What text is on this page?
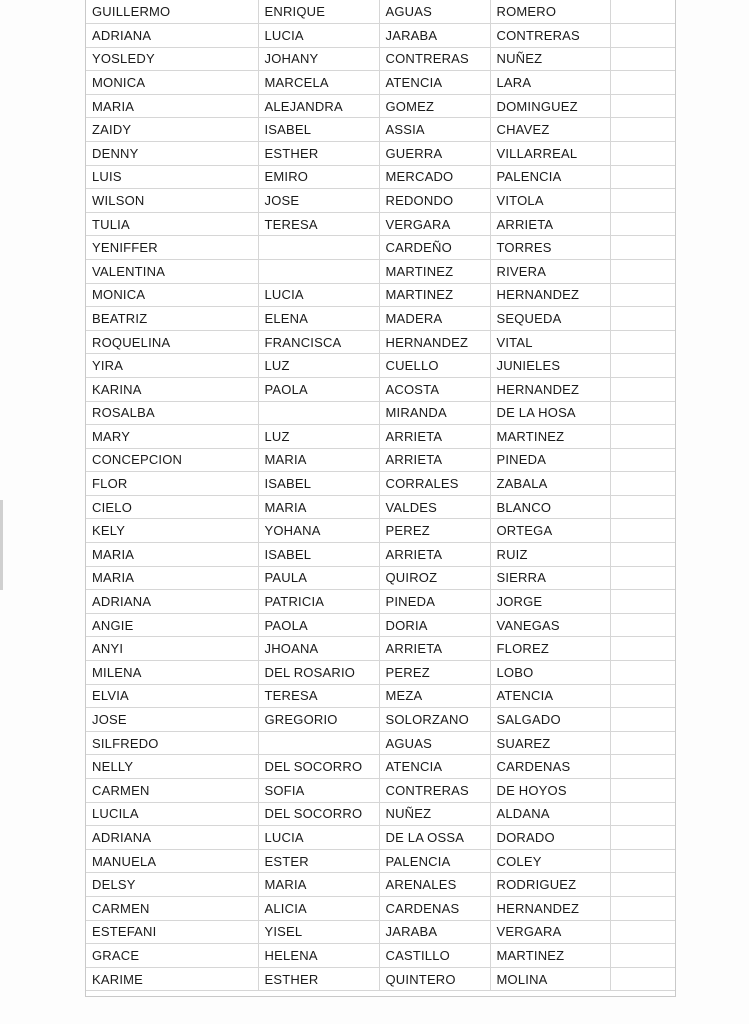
GUILLERMO	ENRIQUE	AGUAS	ROMERO	
ADRIANA	LUCIA	JARABA	CONTRERAS	
YOSLEDY	JOHANY	CONTRERAS	NUÑEZ	
MONICA	MARCELA	ATENCIA	LARA	
MARIA	ALEJANDRA	GOMEZ	DOMINGUEZ	
ZAIDY	ISABEL	ASSIA	CHAVEZ	
DENNY	ESTHER	GUERRA	VILLARREAL	
LUIS	EMIRO	MERCADO	PALENCIA	
WILSON	JOSE	REDONDO	VITOLA	
TULIA	TERESA	VERGARA	ARRIETA	
YENIFFER		CARDEÑO	TORRES	
VALENTINA		MARTINEZ	RIVERA	
MONICA	LUCIA	MARTINEZ	HERNANDEZ	
BEATRIZ	ELENA	MADERA	SEQUEDA	
ROQUELINA	FRANCISCA	HERNANDEZ	VITAL	
YIRA	LUZ	CUELLO	JUNIELES	
KARINA	PAOLA	ACOSTA	HERNANDEZ	
ROSALBA		MIRANDA	DE LA HOSA	
MARY	LUZ	ARRIETA	MARTINEZ	
CONCEPCION	MARIA	ARRIETA	PINEDA	
FLOR	ISABEL	CORRALES	ZABALA	
CIELO	MARIA	VALDES	BLANCO	
KELY	YOHANA	PEREZ	ORTEGA	
MARIA	ISABEL	ARRIETA	RUIZ	
MARIA	PAULA	QUIROZ	SIERRA	
ADRIANA	PATRICIA	PINEDA	JORGE	
ANGIE	PAOLA	DORIA	VANEGAS	
ANYI	JHOANA	ARRIETA	FLOREZ	
MILENA	DEL ROSARIO	PEREZ	LOBO	
ELVIA	TERESA	MEZA	ATENCIA	
JOSE	GREGORIO	SOLORZANO	SALGADO	
SILFREDO		AGUAS	SUAREZ	
NELLY	DEL SOCORRO	ATENCIA	CARDENAS	
CARMEN	SOFIA	CONTRERAS	DE HOYOS	
LUCILA	DEL SOCORRO	NUÑEZ	ALDANA	
ADRIANA	LUCIA	DE LA OSSA	DORADO	
MANUELA	ESTER	PALENCIA	COLEY	
DELSY	MARIA	ARENALES	RODRIGUEZ	
CARMEN	ALICIA	CARDENAS	HERNANDEZ	
ESTEFANI	YISEL	JARABA	VERGARA	
GRACE	HELENA	CASTILLO	MARTINEZ	
KARIME	ESTHER	QUINTERO	MOLINA	
